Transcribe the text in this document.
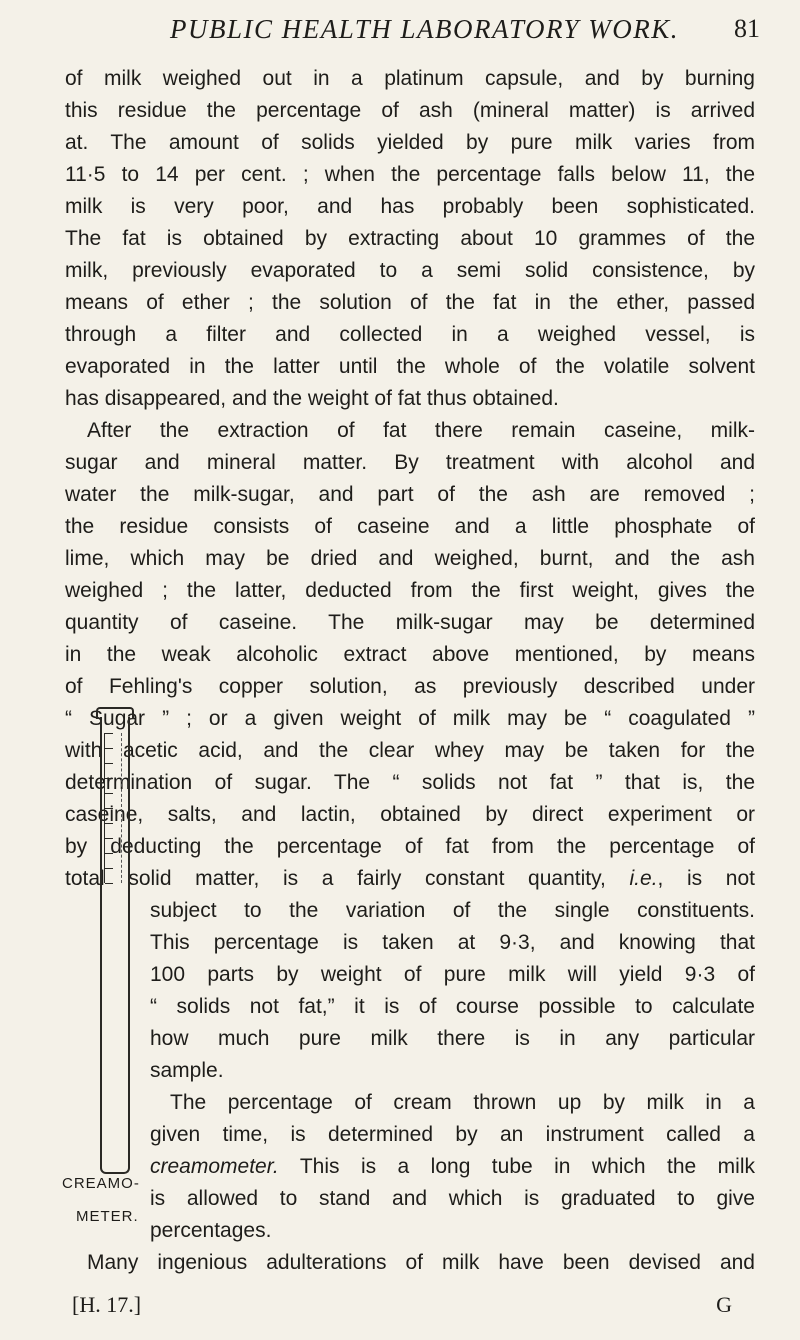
PUBLIC HEALTH LABORATORY WORK. 81
of milk weighed out in a platinum capsule, and by burning
this residue the percentage of ash (mineral matter) is arrived
at. The amount of solids yielded by pure milk varies from
11·5 to 14 per cent. ; when the percentage falls below 11, the
milk is very poor, and has probably been sophisticated.
The fat is obtained by extracting about 10 grammes of the
milk, previously evaporated to a semi solid consistence, by
means of ether ; the solution of the fat in the ether, passed
through a filter and collected in a weighed vessel, is
evaporated in the latter until the whole of the volatile solvent
has disappeared, and the weight of fat thus obtained.
After the extraction of fat there remain caseine, milk-
sugar and mineral matter. By treatment with alcohol and
water the milk-sugar, and part of the ash are removed ;
the residue consists of caseine and a little phosphate of
lime, which may be dried and weighed, burnt, and the ash
weighed ; the latter, deducted from the first weight, gives the
quantity of caseine. The milk-sugar may be determined
in the weak alcoholic extract above mentioned, by means
of Fehling's copper solution, as previously described under
“ Sugar ” ; or a given weight of milk may be “ coagulated ”
with acetic acid, and the clear whey may be taken for the
determination of sugar. The “ solids not fat ” that is, the
caseine, salts, and lactin, obtained by direct experiment or
by deducting the percentage of fat from the percentage of
total solid matter, is a fairly constant quantity, i.e., is not
subject to the variation of the single constituents.
This percentage is taken at 9·3, and knowing that
100 parts by weight of pure milk will yield 9·3 of
“ solids not fat,” it is of course possible to calculate
how much pure milk there is in any particular
sample.
The percentage of cream thrown up by milk in a
given time, is determined by an instrument called a
creamometer. This is a long tube in which the milk
is allowed to stand and which is graduated to give
percentages.
Many ingenious adulterations of milk have been devised and
CREAMO-
METER.
[H. 17.]	G
